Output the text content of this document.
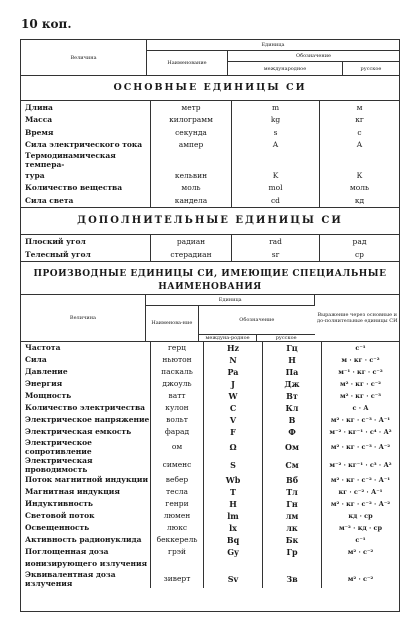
10 коп.
Величина	Единица		
	Наименование	Обозначение	
		международное	русское
ОСНОВНЫЕ ЕДИНИЦЫ СИ
Длина	метр	m	м
Масса	килограмм	kg	кг
Время	секунда	s	с
Сила электрического тока	ампер	A	А
Термодинамическая темпера-			
тура	кельвин	K	К
Количество вещества	моль	mol	моль
Сила света	кандела	cd	кд
ДОПОЛНИТЕЛЬНЫЕ ЕДИНИЦЫ СИ
Плоский угол	радиан	rad	рад
Телесный угол	стерадиан	sr	ср
ПРОИЗВОДНЫЕ ЕДИНИЦЫ СИ, ИМЕЮЩИЕ СПЕЦИАЛЬНЫЕ
НАИМЕНОВАНИЯ
Величина	Единица			Выражение через основные и до-полнительные единицы СИ
	Наименова-ние	Обозначение		
		междуна-родное	русское	
Частота	герц	Hz	Гц	с⁻¹
Сила	ньютон	N	Н	м · кг · с⁻²
Давление	паскаль	Pa	Па	м⁻¹ · кг · с⁻²
Энергия	джоуль	J	Дж	м² · кг · с⁻²
Мощность	ватт	W	Вт	м² · кг · с⁻³
Количество электричества	кулон	C	Кл	с · А
Электрическое напряжение	вольт	V	В	м² · кг · с⁻³ · А⁻¹
Электрическая емкость	фарад	F	Ф	м⁻² · кг⁻¹ · с⁴ · А²
Электрическое сопротивление	ом	Ω	Ом	м² · кг · с⁻³ · А⁻²
Электрическая проводимость	сименс	S	См	м⁻² · кг⁻¹ · с³ · А²
Поток магнитной индукции	вебер	Wb	Вб	м² · кг · с⁻² · А⁻¹
Магнитная индукция	тесла	T	Тл	кг · с⁻² · А⁻¹
Индуктивность	генри	H	Гн	м² · кг · с⁻² · А⁻²
Световой поток	люмен	lm	лм	кд · ср
Освещенность	люкс	lx	лк	м⁻² · кд · ср
Активность радионуклида	беккерель	Bq	Бк	с⁻¹
Поглощенная доза	грэй	Gy	Гр	м² · с⁻²
ионизирующего излучения				
Эквивалентная доза излучения	зиверт	Sv	Зв	м² · с⁻²
